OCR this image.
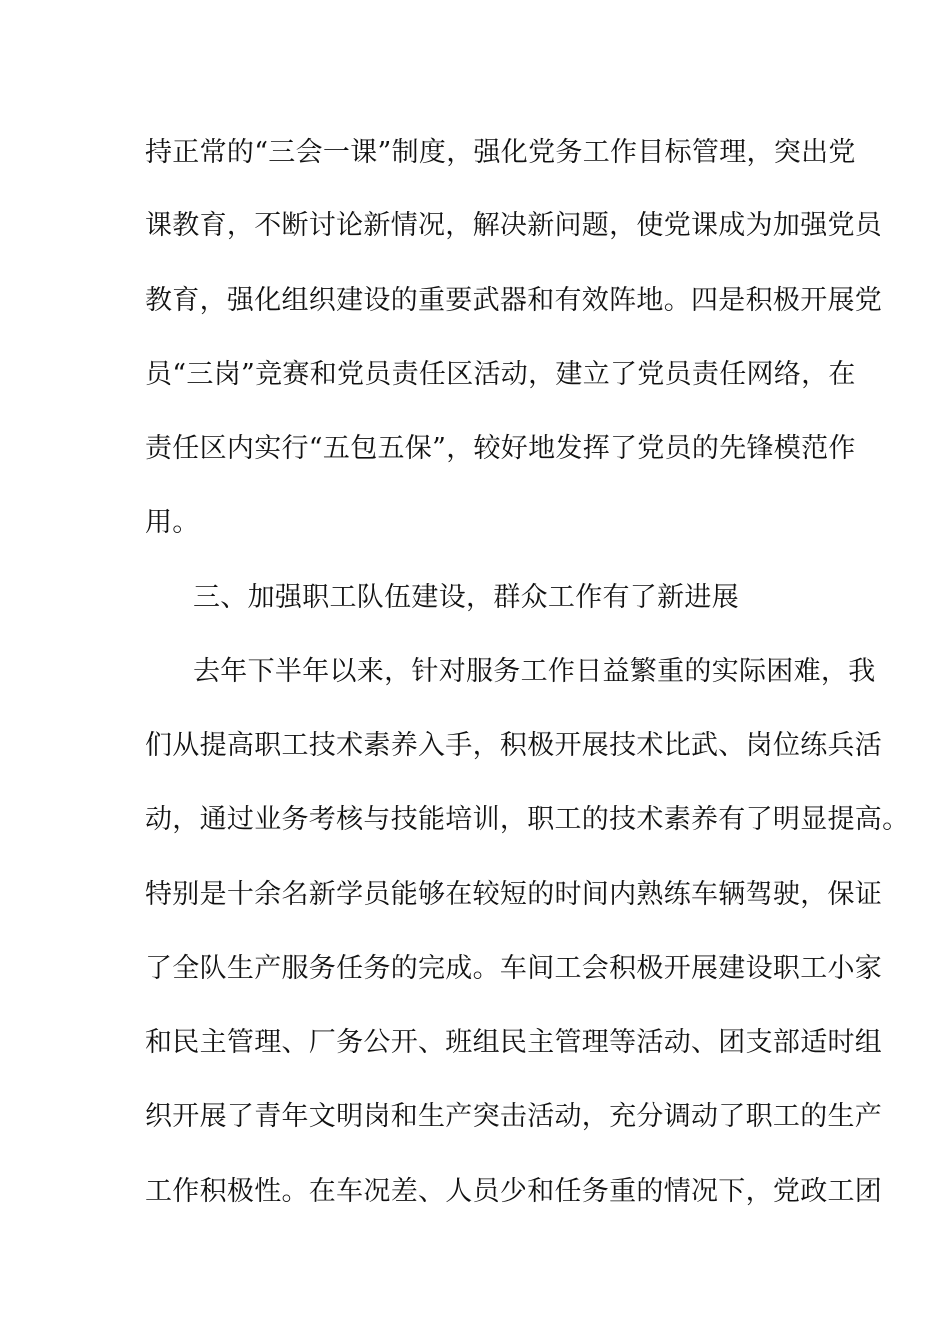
持正常的“三会一课”制度，强化党务工作目标管理，突出党
课教育，不断讨论新情况，解决新问题，使党课成为加强党员
教育，强化组织建设的重要武器和有效阵地。四是积极开展党
员“三岗”竞赛和党员责任区活动，建立了党员责任网络，在
责任区内实行“五包五保”，较好地发挥了党员的先锋模范作
用。
三、加强职工队伍建设，群众工作有了新进展
去年下半年以来，针对服务工作日益繁重的实际困难，我
们从提高职工技术素养入手，积极开展技术比武、岗位练兵活
动，通过业务考核与技能培训，职工的技术素养有了明显提高。
特别是十余名新学员能够在较短的时间内熟练车辆驾驶，保证
了全队生产服务任务的完成。车间工会积极开展建设职工小家
和民主管理、厂务公开、班组民主管理等活动、团支部适时组
织开展了青年文明岗和生产突击活动，充分调动了职工的生产
工作积极性。在车况差、人员少和任务重的情况下，党政工团
